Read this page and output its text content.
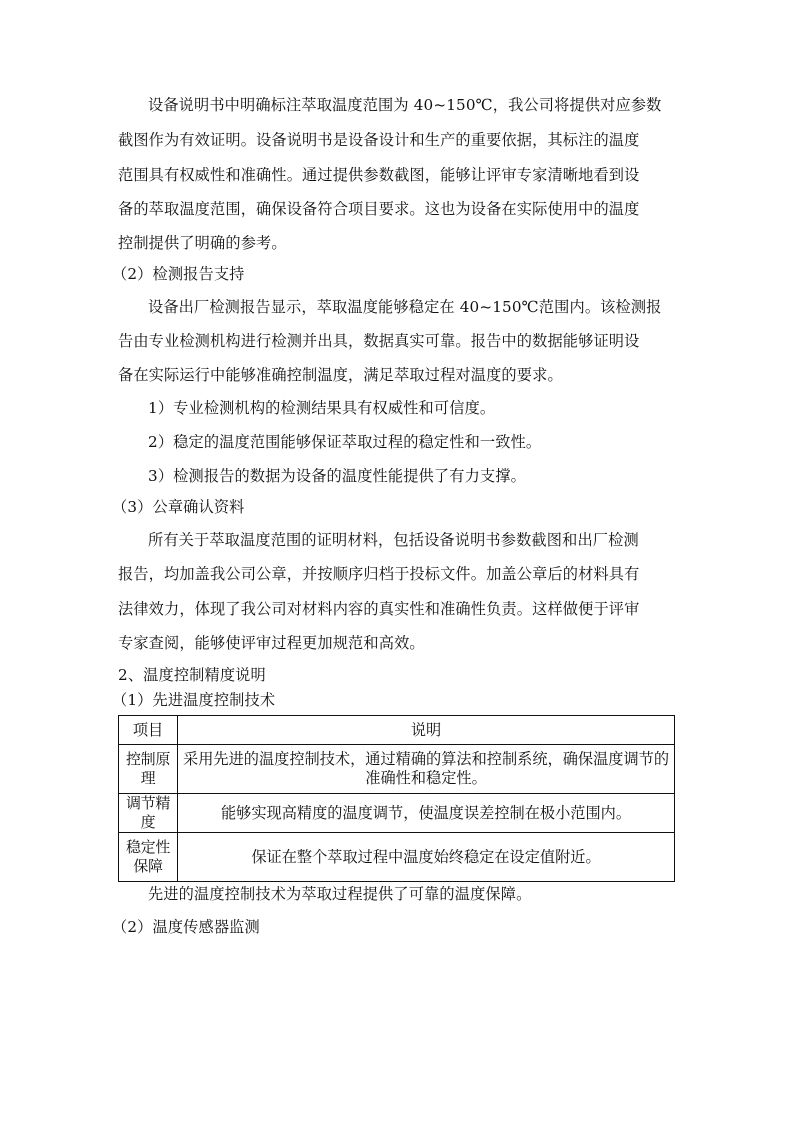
设备说明书中明确标注萃取温度范围为 40~150℃，我公司将提供对应参数
截图作为有效证明。设备说明书是设备设计和生产的重要依据，其标注的温度
范围具有权威性和准确性。通过提供参数截图，能够让评审专家清晰地看到设
备的萃取温度范围，确保设备符合项目要求。这也为设备在实际使用中的温度
控制提供了明确的参考。
（2）检测报告支持
设备出厂检测报告显示，萃取温度能够稳定在 40~150℃范围内。该检测报
告由专业检测机构进行检测并出具，数据真实可靠。报告中的数据能够证明设
备在实际运行中能够准确控制温度，满足萃取过程对温度的要求。
1）专业检测机构的检测结果具有权威性和可信度。
2）稳定的温度范围能够保证萃取过程的稳定性和一致性。
3）检测报告的数据为设备的温度性能提供了有力支撑。
（3）公章确认资料
所有关于萃取温度范围的证明材料，包括设备说明书参数截图和出厂检测
报告，均加盖我公司公章，并按顺序归档于投标文件。加盖公章后的材料具有
法律效力，体现了我公司对材料内容的真实性和准确性负责。这样做便于评审
专家查阅，能够使评审过程更加规范和高效。
2、温度控制精度说明
（1）先进温度控制技术
项目	说明
控制原理	采用先进的温度控制技术，通过精确的算法和控制系统，确保温度调节的准确性和稳定性。
调节精度	能够实现高精度的温度调节，使温度误差控制在极小范围内。
稳定性保障	保证在整个萃取过程中温度始终稳定在设定值附近。
先进的温度控制技术为萃取过程提供了可靠的温度保障。
（2）温度传感器监测
